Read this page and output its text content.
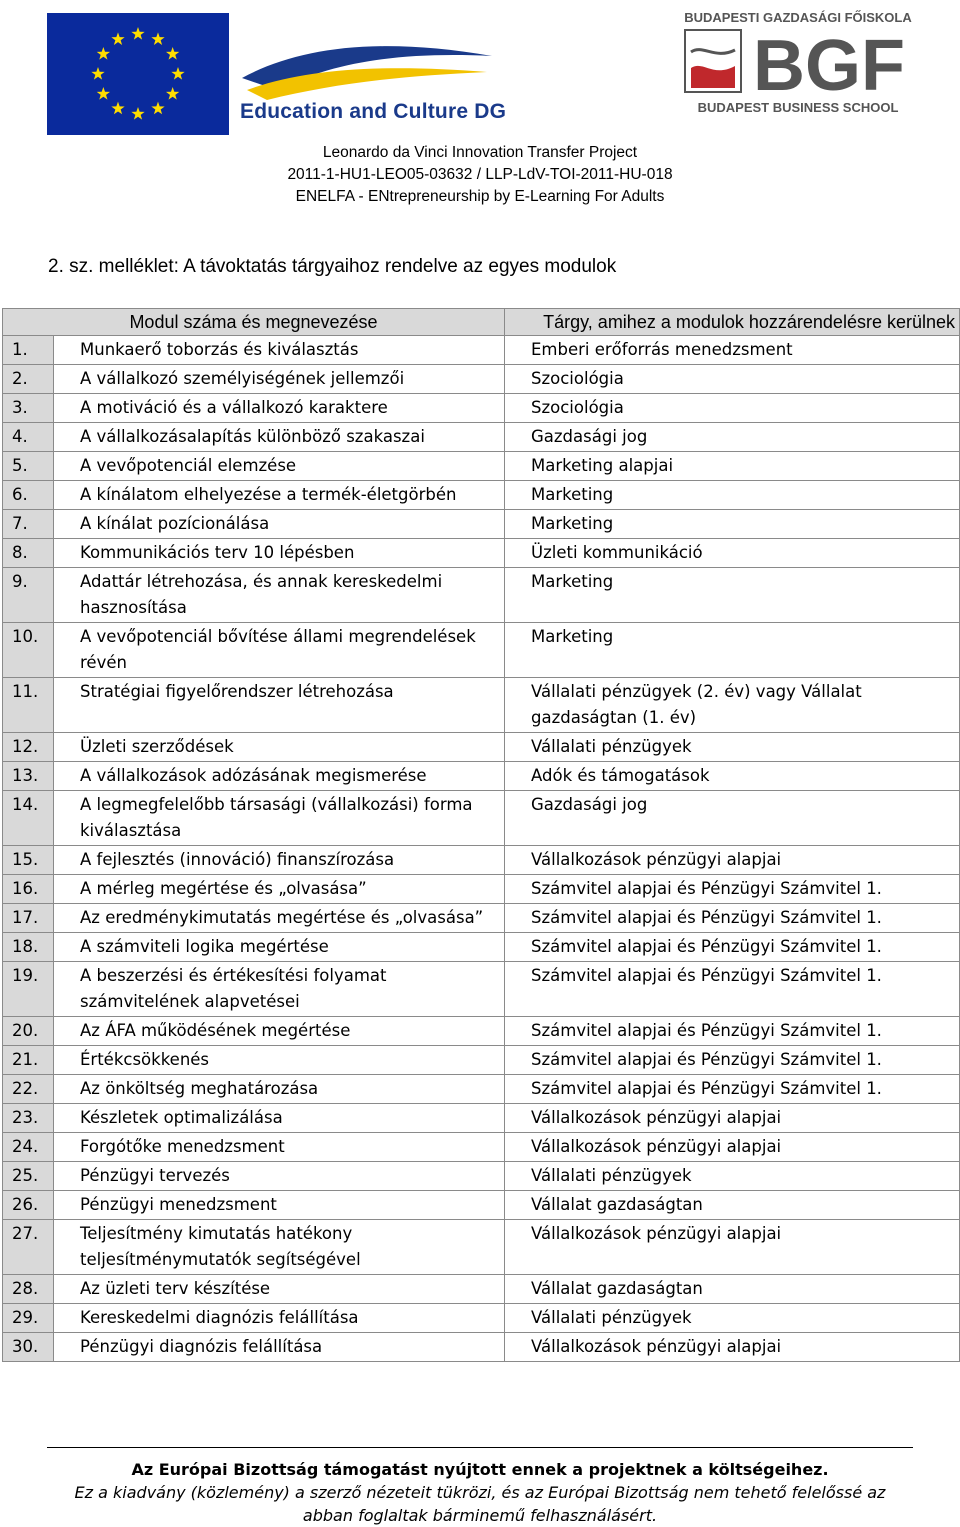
Education and Culture DG
BUDAPESTI GAZDASÁGI FŐISKOLA
BGF
BUDAPEST BUSINESS SCHOOL
Leonardo da Vinci Innovation Transfer Project
2011-1-HU1-LEO05-03632 / LLP-LdV-TOI-2011-HU-018
ENELFA - ENtrepreneurship by E-Learning For Adults
2. sz. melléklet: A távoktatás tárgyaihoz rendelve az egyes modulok
Modul száma és megnevezése		Tárgy, amihez a modulok hozzárendelésre kerülnek
1.	Munkaerő toborzás és kiválasztás	Emberi erőforrás menedzsment
2.	A vállalkozó személyiségének jellemzői	Szociológia
3.	A motiváció és a vállalkozó karaktere	Szociológia
4.	A vállalkozásalapítás különböző szakaszai	Gazdasági jog
5.	A vevőpotenciál elemzése	Marketing alapjai
6.	A kínálatom elhelyezése a termék-életgörbén	Marketing
7.	A kínálat pozícionálása	Marketing
8.	Kommunikációs terv 10 lépésben	Üzleti kommunikáció
9.	Adattár létrehozása, és annak kereskedelmi hasznosítása	Marketing
10.	A vevőpotenciál bővítése állami megrendelések révén	Marketing
11.	Stratégiai figyelőrendszer létrehozása	Vállalati pénzügyek (2. év) vagy Vállalat gazdaságtan (1. év)
12.	Üzleti szerződések	Vállalati pénzügyek
13.	A vállalkozások adózásának megismerése	Adók és támogatások
14.	A legmegfelelőbb társasági (vállalkozási) forma kiválasztása	Gazdasági jog
15.	A fejlesztés (innováció) finanszírozása	Vállalkozások pénzügyi alapjai
16.	A mérleg megértése és „olvasása”	Számvitel alapjai és Pénzügyi Számvitel 1.
17.	Az eredménykimutatás megértése és „olvasása”	Számvitel alapjai és Pénzügyi Számvitel 1.
18.	A számviteli logika megértése	Számvitel alapjai és Pénzügyi Számvitel 1.
19.	A beszerzési és értékesítési folyamat számvitelének alapvetései	Számvitel alapjai és Pénzügyi Számvitel 1.
20.	Az ÁFA működésének megértése	Számvitel alapjai és Pénzügyi Számvitel 1.
21.	Értékcsökkenés	Számvitel alapjai és Pénzügyi Számvitel 1.
22.	Az önköltség meghatározása	Számvitel alapjai és Pénzügyi Számvitel 1.
23.	Készletek optimalizálása	Vállalkozások pénzügyi alapjai
24.	Forgótőke menedzsment	Vállalkozások pénzügyi alapjai
25.	Pénzügyi tervezés	Vállalati pénzügyek
26.	Pénzügyi menedzsment	Vállalat gazdaságtan
27.	Teljesítmény kimutatás hatékony teljesítménymutatók segítségével	Vállalkozások pénzügyi alapjai
28.	Az üzleti terv készítése	Vállalat gazdaságtan
29.	Kereskedelmi diagnózis felállítása	Vállalati pénzügyek
30.	Pénzügyi diagnózis felállítása	Vállalkozások pénzügyi alapjai
Az Európai Bizottság támogatást nyújtott ennek a projektnek a költségeihez.
Ez a kiadvány (közlemény) a szerző nézeteit tükrözi, és az Európai Bizottság nem tehető felelőssé az
abban foglaltak bárminemű felhasználásért.
